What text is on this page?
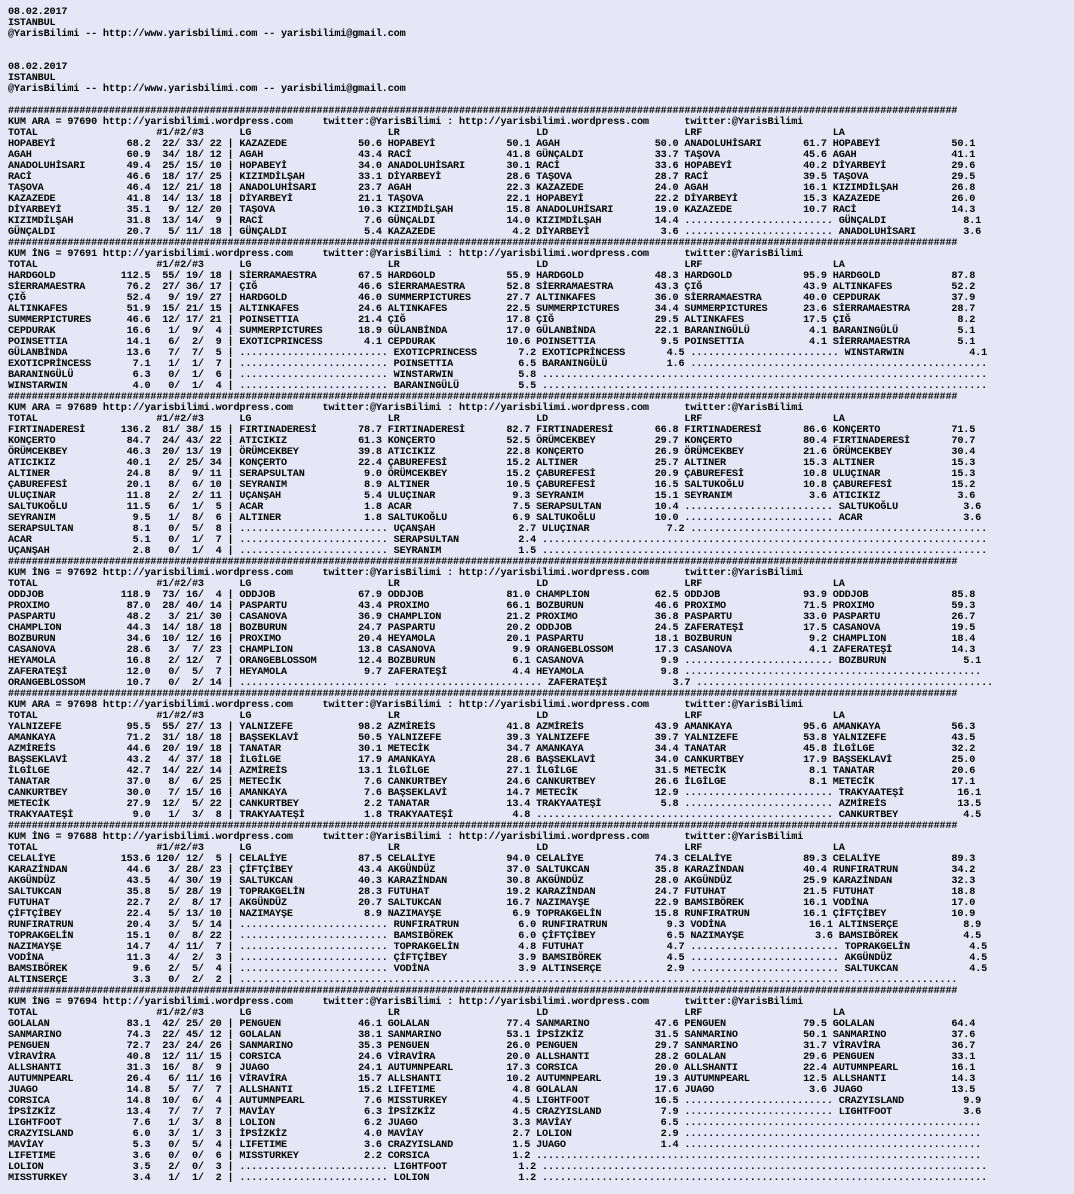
08.02.2017
ISTANBUL
@YarisBilimi -- http://www.yarisbilimi.com -- yarisbilimi@gmail.com
08.02.2017
ISTANBUL
@YarisBilimi -- http://www.yarisbilimi.com -- yarisbilimi@gmail.com
################################################################################################################################################################
KUM ARA = 97690 http://yarisbilimi.wordpress.com     twitter:@YarisBilimi : http://yarisbilimi.wordpress.com      twitter:@YarisBilimi
TOTAL                    #1/#2/#3      LG                       LR                       LD                       LRF                      LA
HOPABEYİ            68.2  22/ 33/ 22 | KAZAZEDE            50.6 HOPABEYİ            50.1 AGAH                50.0 ANADOLUHİSARI       61.7 HOPABEYİ            50.1
AGAH                60.9  34/ 18/ 12 | AGAH                43.4 RACİ                41.8 GÜNÇALDI            33.7 TAŞOVA              45.6 AGAH                41.1
ANADOLUHİSARI       49.4  25/ 15/ 10 | HOPABEYİ            34.0 ANADOLUHİSARI       30.1 RACİ                33.6 HOPABEYİ            40.2 DİYARBEYİ           29.6
RACİ                46.6  18/ 17/ 25 | KIZIMDİLŞAH         33.1 DİYARBEYİ           28.6 TAŞOVA              28.7 RACİ                39.5 TAŞOVA              29.5
TAŞOVA              46.4  12/ 21/ 18 | ANADOLUHİSARI       23.7 AGAH                22.3 KAZAZEDE            24.0 AGAH                16.1 KIZIMDİLŞAH         26.8
KAZAZEDE            41.8  14/ 13/ 18 | DİYARBEYİ           21.1 TAŞOVA              22.1 HOPABEYİ            22.2 DİYARBEYİ           15.3 KAZAZEDE            26.0
DİYARBEYİ           35.1   9/ 12/ 20 | TAŞOVA              10.3 KIZIMDİLŞAH         15.8 ANADOLUHİSARI       19.0 KAZAZEDE            10.7 RACİ                14.3
KIZIMDİLŞAH         31.8  13/ 14/  9 | RACİ                 7.6 GÜNÇALDI            14.0 KIZIMDİLŞAH         14.4 ......................... GÜNÇALDI             8.1
GÜNÇALDI            20.7   5/ 11/ 18 | GÜNÇALDI             5.4 KAZAZEDE             4.2 DİYARBEYİ            3.6 ......................... ANADOLUHİSARI        3.6
################################################################################################################################################################
KUM İNG = 97691 http://yarisbilimi.wordpress.com     twitter:@YarisBilimi : http://yarisbilimi.wordpress.com      twitter:@YarisBilimi
TOTAL                    #1/#2/#3      LG                       LR                       LD                       LRF                      LA
HARDGOLD           112.5  55/ 19/ 18 | SİERRAMAESTRA       67.5 HARDGOLD            55.9 HARDGOLD            48.3 HARDGOLD            95.9 HARDGOLD            87.8
SİERRAMAESTRA       76.2  27/ 36/ 17 | ÇIĞ                 46.6 SİERRAMAESTRA       52.8 SİERRAMAESTRA       43.3 ÇIĞ                 43.9 ALTINKAFES          52.2
ÇIĞ                 52.4   9/ 19/ 27 | HARDGOLD            46.0 SUMMERPICTURES      27.7 ALTINKAFES          36.0 SİERRAMAESTRA       40.0 CEPDURAK            37.9
ALTINKAFES          51.9  15/ 21/ 15 | ALTINKAFES          24.6 ALTINKAFES          22.5 SUMMERPICTURES      34.4 SUMMERPICTURES      23.6 SİERRAMAESTRA       28.7
SUMMERPICTURES      46.6  12/ 17/ 21 | POINSETTIA          21.4 ÇIĞ                 17.8 ÇIĞ                 29.5 ALTINKAFES          17.5 ÇIĞ                  8.2
CEPDURAK            16.6   1/  9/  4 | SUMMERPICTURES      18.9 GÜLANBİNDA          17.0 GÜLANBİNDA          22.1 BARANINGÜLÜ          4.1 BARANINGÜLÜ          5.1
POINSETTIA          14.1   6/  2/  9 | EXOTICPRINCESS       4.1 CEPDURAK            10.6 POINSETTIA           9.5 POINSETTIA           4.1 SİERRAMAESTRA        5.1
GÜLANBİNDA          13.6   7/  7/  5 | ......................... EXOTICPRINCESS       7.2 EXOTICPRİNCESS       4.5 ......................... WINSTARWIN           4.1
EXOTICPRİNCESS       7.1   1/  1/  7 | ......................... POINSETTIA           6.5 BARANINGÜLÜ          1.6 ..................................................
BARANINGÜLÜ          6.3   0/  1/  6 | ......................... WINSTARWIN           5.8 ...........................................................................
WINSTARWIN           4.0   0/  1/  4 | ......................... BARANINGÜLÜ          5.5 ...........................................................................
################################################################################################################################################################
KUM ARA = 97689 http://yarisbilimi.wordpress.com     twitter:@YarisBilimi : http://yarisbilimi.wordpress.com      twitter:@YarisBilimi
TOTAL                    #1/#2/#3      LG                       LR                       LD                       LRF                      LA
FIRTINADERESİ      136.2  81/ 38/ 15 | FIRTINADERESİ       78.7 FIRTINADERESİ       82.7 FIRTINADERESİ       66.8 FIRTINADERESİ       86.6 KONÇERTO            71.5
KONÇERTO            84.7  24/ 43/ 22 | ATICIKIZ            61.3 KONÇERTO            52.5 ÖRÜMCEKBEY          29.7 KONÇERTO            80.4 FIRTINADERESİ       70.7
ÖRÜMCEKBEY          46.3  20/ 13/ 19 | ÖRÜMCEKBEY          39.8 ATICIKIZ            22.8 KONÇERTO            26.9 ÖRÜMCEKBEY          21.6 ÖRÜMCEKBEY          30.4
ATICIKIZ            40.1   2/ 25/ 34 | KONÇERTO            22.4 ÇABUREFESİ          15.2 ALTINER             25.7 ALTINER             15.3 ALTINER             15.3
ALTINER             24.8   8/  9/ 11 | SERAPSULTAN          9.0 ÖRÜMCEKBEY          15.2 ÇABUREFESİ          20.9 ÇABUREFESİ          10.8 ULUÇINAR            15.3
ÇABUREFESİ          20.1   8/  6/ 10 | SEYRANIM             8.9 ALTINER             10.5 ÇABUREFESİ          16.5 SALTUKOĞLU          10.8 ÇABUREFESİ          15.2
ULUÇINAR            11.8   2/  2/ 11 | UÇANŞAH              5.4 ULUÇINAR             9.3 SEYRANIM            15.1 SEYRANIM             3.6 ATICIKIZ             3.6
SALTUKOĞLU          11.5   6/  1/  5 | ACAR                 1.8 ACAR                 7.5 SERAPSULTAN         10.4 ......................... SALTUKOĞLU           3.6
SEYRANIM             9.5   1/  8/  6 | ALTINER              1.8 SALTUKOĞLU           6.9 SALTUKOĞLU          10.0 ......................... ACAR                 3.6
SERAPSULTAN          8.1   0/  5/  8 | ......................... UÇANŞAH              2.7 ULUÇINAR             7.2 ..................................................
ACAR                 5.1   0/  1/  7 | ......................... SERAPSULTAN          2.4 ...........................................................................
UÇANŞAH              2.8   0/  1/  4 | ......................... SEYRANIM             1.5 ...........................................................................
################################################################################################################################################################
KUM İNG = 97692 http://yarisbilimi.wordpress.com     twitter:@YarisBilimi : http://yarisbilimi.wordpress.com      twitter:@YarisBilimi
TOTAL                    #1/#2/#3      LG                       LR                       LD                       LRF                      LA
ODDJOB             118.9  73/ 16/  4 | ODDJOB              67.9 ODDJOB              81.0 CHAMPLION           62.5 ODDJOB              93.9 ODDJOB              85.8
PROXIMO             87.0  28/ 40/ 14 | PASPARTU            43.4 PROXIMO             66.1 BOZBURUN            46.6 PROXIMO             71.5 PROXIMO             59.3
PASPARTU            48.2   3/ 21/ 30 | CASANOVA            36.9 CHAMPLION           21.2 PROXIMO             36.8 PASPARTU            33.0 PASPARTU            26.7
CHAMPLION           44.3  14/ 18/ 18 | BOZBURUN            24.7 PASPARTU            20.2 ODDJOB              24.5 ZAFERATEŞİ          17.5 CASANOVA            19.5
BOZBURUN            34.6  10/ 12/ 16 | PROXIMO             20.4 HEYAMOLA            20.1 PASPARTU            18.1 BOZBURUN             9.2 CHAMPLION           18.4
CASANOVA            28.6   3/  7/ 23 | CHAMPLION           13.8 CASANOVA             9.9 ORANGEBLOSSOM       17.3 CASANOVA             4.1 ZAFERATEŞİ          14.3
HEYAMOLA            16.8   2/ 12/  7 | ORANGEBLOSSOM       12.4 BOZBURUN             6.1 CASANOVA             9.9 ......................... BOZBURUN             5.1
ZAFERATEŞİ          12.0   0/  5/  7 | HEYAMOLA             9.7 ZAFERATEŞİ           4.4 HEYAMOLA             9.8 ..................................................
ORANGEBLOSSOM       10.7   0/  2/ 14 | ......................... ......................... ZAFERATEŞİ           3.7 ..................................................
################################################################################################################################################################
KUM ARA = 97698 http://yarisbilimi.wordpress.com     twitter:@YarisBilimi : http://yarisbilimi.wordpress.com      twitter:@YarisBilimi
TOTAL                    #1/#2/#3      LG                       LR                       LD                       LRF                      LA
YALNIZEFE           95.5  55/ 27/ 13 | YALNIZEFE           98.2 AZMİREİS            41.8 AZMİREİS            43.9 AMANKAYA            95.6 AMANKAYA            56.3
AMANKAYA            71.2  31/ 18/ 18 | BAŞSEKLAVİ          50.5 YALNIZEFE           39.3 YALNIZEFE           39.7 YALNIZEFE           53.8 YALNIZEFE           43.5
AZMİREİS            44.6  20/ 19/ 18 | TANATAR             30.1 METECİK             34.7 AMANKAYA            34.4 TANATAR             45.8 İLGİLGE             32.2
BAŞSEKLAVİ          43.2   4/ 37/ 18 | İLGİLGE             17.9 AMANKAYA            28.6 BAŞSEKLAVİ          34.0 CANKURTBEY          17.9 BAŞSEKLAVİ          25.0
İLGİLGE             42.7  14/ 22/ 14 | AZMİREİS            13.1 İLGİLGE             27.1 İLGİLGE             31.5 METECİK              8.1 TANATAR             20.6
TANATAR             37.0   8/  6/ 25 | METECİK              7.6 CANKURTBEY          24.6 CANKURTBEY          26.6 İLGİLGE              8.1 METECİK             17.1
CANKURTBEY          30.0   7/ 15/ 16 | AMANKAYA             7.6 BAŞSEKLAVİ          14.7 METECİK             12.9 ......................... TRAKYAATEŞİ         16.1
METECİK             27.9  12/  5/ 22 | CANKURTBEY           2.2 TANATAR             13.4 TRAKYAATEŞİ          5.8 ......................... AZMİREİS            13.5
TRAKYAATEŞİ          9.0   1/  3/  8 | TRAKYAATEŞİ          1.8 TRAKYAATEŞİ          4.8 .................................................. CANKURTBEY           4.5
################################################################################################################################################################
KUM İNG = 97688 http://yarisbilimi.wordpress.com     twitter:@YarisBilimi : http://yarisbilimi.wordpress.com      twitter:@YarisBilimi
TOTAL                    #1/#2/#3      LG                       LR                       LD                       LRF                      LA
CELALİYE           153.6 120/ 12/  5 | CELALİYE            87.5 CELALİYE            94.0 CELALİYE            74.3 CELALİYE            89.3 CELALİYE            89.3
KARAZİNDAN          44.6   3/ 28/ 23 | ÇİFTÇİBEY           43.4 AKGÜNDÜZ            37.0 SALTUKCAN           35.8 KARAZİNDAN          40.4 RUNFIRATRUN         34.2
AKGÜNDÜZ            43.5   4/ 30/ 19 | SALTUKCAN           40.3 KARAZİNDAN          30.8 AKGÜNDÜZ            28.0 AKGÜNDÜZ            25.9 KARAZİNDAN          32.3
SALTUKCAN           35.8   5/ 28/ 19 | TOPRAKGELİN         28.3 FUTUHAT             19.2 KARAZİNDAN          24.7 FUTUHAT             21.5 FUTUHAT             18.8
FUTUHAT             22.7   2/  8/ 17 | AKGÜNDÜZ            20.7 SALTUKCAN           16.7 NAZIMAYŞE           22.9 BAMSIBÖREK          16.1 VODİNA              17.0
ÇİFTÇİBEY           22.4   5/ 13/ 10 | NAZIMAYŞE            8.9 NAZIMAYŞE            6.9 TOPRAKGELİN         15.8 RUNFIRATRUN         16.1 ÇİFTÇİBEY           10.9
RUNFIRATRUN         20.4   3/  5/ 14 | ......................... RUNFIRATRUN          6.0 RUNFIRATRUN          9.3 VODİNA              16.1 ALTINSERÇE           8.9
TOPRAKGELİN         15.1   0/  8/ 22 | ......................... BAMSIBÖREK           6.0 ÇİFTÇİBEY            6.5 NAZIMAYŞE            3.6 BAMSIBÖREK           4.5
NAZIMAYŞE           14.7   4/ 11/  7 | ......................... TOPRAKGELİN          4.8 FUTUHAT              4.7 ......................... TOPRAKGELİN          4.5
VODİNA              11.3   4/  2/  3 | ......................... ÇİFTÇİBEY            3.9 BAMSIBÖREK           4.5 ......................... AKGÜNDÜZ             4.5
BAMSIBÖREK           9.6   2/  5/  4 | ......................... VODİNA               3.9 ALTINSERÇE           2.9 ......................... SALTUKCAN            4.5
ALTINSERÇE           3.3   0/  2/  2 | .........................................................................................................................
################################################################################################################################################################
KUM İNG = 97694 http://yarisbilimi.wordpress.com     twitter:@YarisBilimi : http://yarisbilimi.wordpress.com      twitter:@YarisBilimi
TOTAL                    #1/#2/#3      LG                       LR                       LD                       LRF                      LA
GOLALAN             83.1  42/ 25/ 20 | PENGUEN             46.1 GOLALAN             77.4 SANMARINO           47.6 PENGUEN             79.5 GOLALAN             64.4
SANMARINO           74.3  22/ 45/ 12 | GOLALAN             38.1 SANMARINO           53.1 İPSİZKİZ            31.5 SANMARINO           50.1 SANMARINO           37.6
PENGUEN             72.7  23/ 24/ 26 | SANMARINO           35.3 PENGUEN             26.0 PENGUEN             29.7 SANMARINO           31.7 VİRAVİRA            36.7
VİRAVİRA            40.8  12/ 11/ 15 | CORSICA             24.6 VİRAVİRA            20.0 ALLSHANTI           28.2 GOLALAN             29.6 PENGUEN             33.1
ALLSHANTI           31.3  16/  8/  9 | JUAGO               24.1 AUTUMNPEARL         17.3 CORSICA             20.0 ALLSHANTI           22.4 AUTUMNPEARL         16.1
AUTUMNPEARL         26.4   6/ 11/ 16 | VİRAVİRA            15.7 ALLSHANTI           10.2 AUTUMNPEARL         19.3 AUTUMNPEARL         12.5 ALLSHANTI           14.3
JUAGO               14.8   5/  7/  7 | ALLSHANTI           15.2 LIFETIME             4.8 GOLALAN             17.6 JUAGO                3.6 JUAGO               13.5
CORSICA             14.8  10/  6/  4 | AUTUMNPEARL          7.6 MISSTURKEY           4.5 LIGHTFOOT           16.5 ......................... CRAZYISLAND          9.9
İPSİZKİZ            13.4   7/  7/  7 | MAVİAY               6.3 İPSİZKİZ             4.5 CRAZYISLAND          7.9 ......................... LIGHTFOOT            3.6
LIGHTFOOT            7.6   1/  3/  8 | LOLION               6.2 JUAGO                3.3 MAVİAY               6.5 ..................................................
CRAZYISLAND          6.0   3/  1/  3 | İPSİZKİZ             4.0 MAVİAY               2.7 LOLION               2.9 ..................................................
MAVİAY               5.3   0/  5/  4 | LIFETIME             3.6 CRAZYISLAND          1.5 JUAGO                1.4 ..................................................
LIFETIME             3.6   0/  0/  6 | MISSTURKEY           2.2 CORSICA              1.2 ...........................................................................
LOLION               3.5   2/  0/  3 | ......................... LIGHTFOOT            1.2 ...........................................................................
MISSTURKEY           3.4   1/  1/  2 | ......................... LOLION               1.2 ...........................................................................
